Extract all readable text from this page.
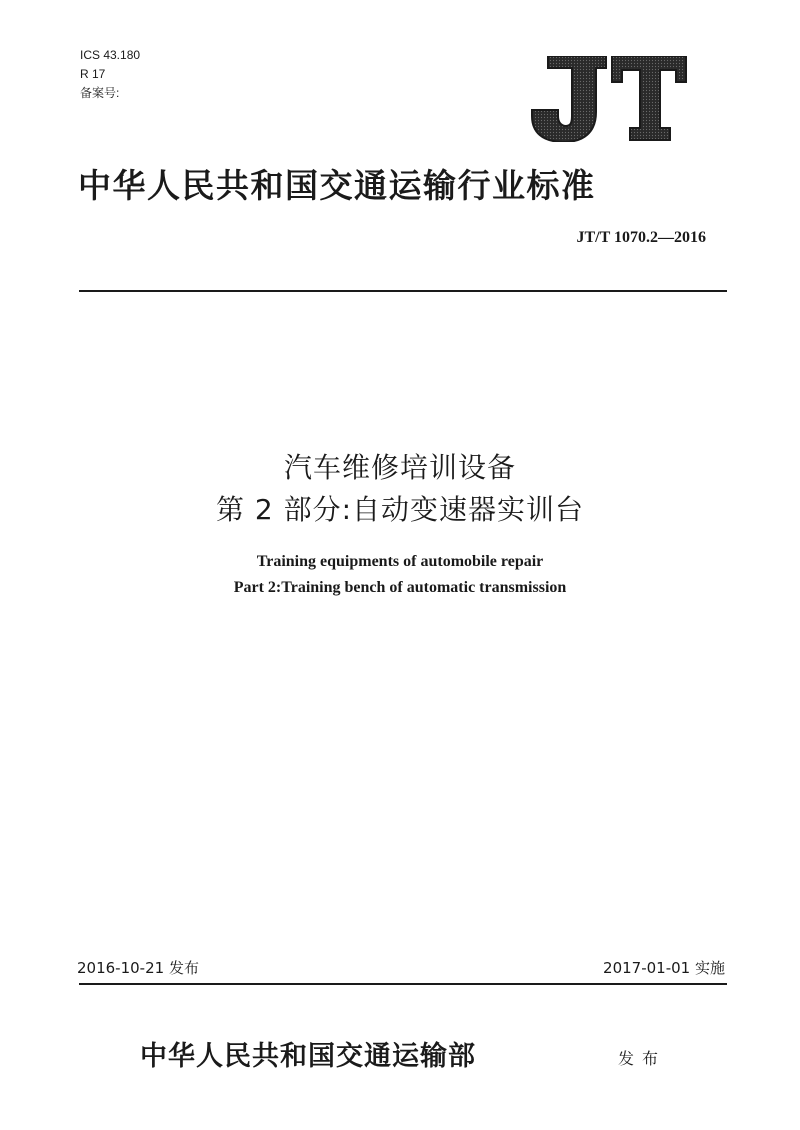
ICS 43.180
R 17
备案号:
中华人民共和国交通运输行业标准
JT/T 1070.2—2016
汽车维修培训设备
第 2 部分:自动变速器实训台
Training equipments of automobile repair
Part 2:Training bench of automatic transmission
2016-10-21 发布	2017-01-01 实施
中华人民共和国交通运输部	发布
